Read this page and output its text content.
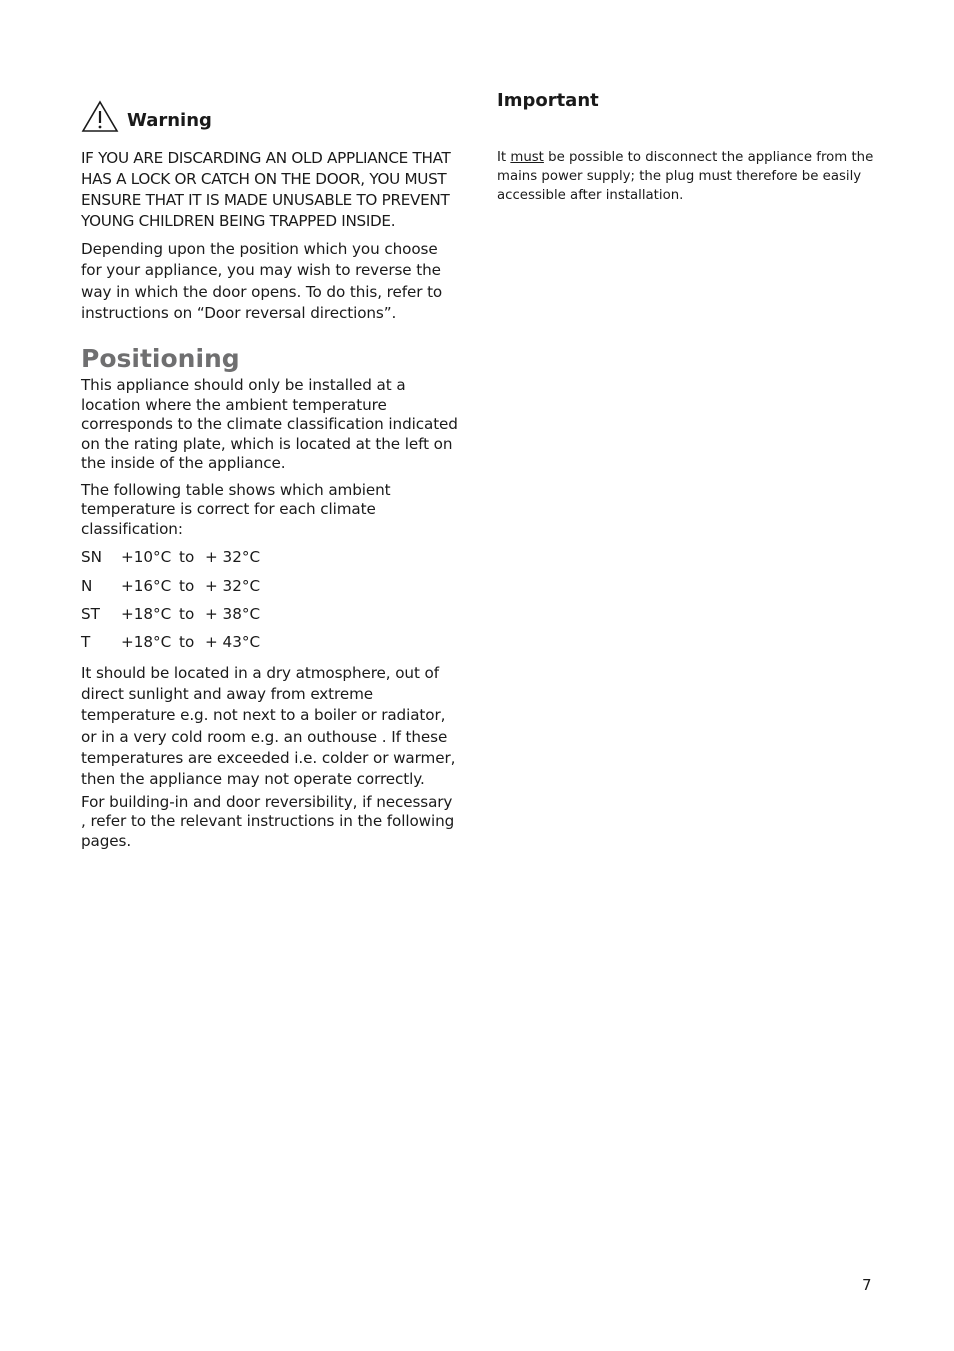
Warning

IF YOU ARE DISCARDING AN OLD APPLIANCE THAT HAS A LOCK OR CATCH ON THE DOOR, YOU MUST ENSURE THAT IT IS MADE UNUSABLE TO PREVENT YOUNG CHILDREN BEING TRAPPED INSIDE.

Depending upon the position which you choose for your appliance, you may wish to reverse the way in which the door opens. To do this, refer to instructions on “Door reversal directions”.

Positioning

This appliance should only be installed at a location where the ambient temperature corresponds to the climate classification indicated on the rating plate, which is located at the left on the inside of the appliance.

The following table shows which ambient temperature is correct for each climate classification:

SN	+10°C to + 32°C
N	+16°C to + 32°C
ST	+18°C to + 38°C
T	+18°C to + 43°C

It should be located in a dry atmosphere, out of direct sunlight and away from extreme temperature e.g. not next to a boiler or radiator, or in a very cold room e.g. an outhouse . If these temperatures are exceeded i.e. colder or warmer, then the appliance may not operate correctly.

For building-in and door reversibility, if necessary , refer to the relevant instructions in the following pages.

Important

It must be possible to disconnect the appliance from the mains power supply; the plug must therefore be easily accessible after installation.

7
